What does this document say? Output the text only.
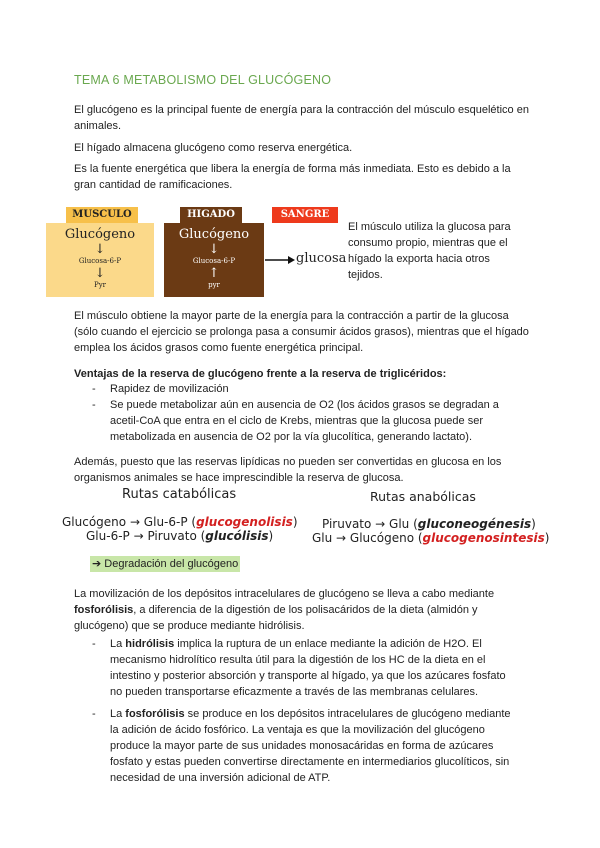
TEMA 6 METABOLISMO DEL GLUCÓGENO
El glucógeno es la principal fuente de energía para la contracción del músculo esquelético en animales.
El hígado almacena glucógeno como reserva energética.
Es la fuente energética que libera la energía de forma más inmediata. Esto es debido a la gran cantidad de ramificaciones.
MUSCULO	HIGADO	SANGRE
Glucógeno
↓
Glucosa-6-P
↓
Pyr
Glucógeno
↓
Glucosa-6-P
↑
pyr
glucosa
El músculo utiliza la glucosa para consumo propio, mientras que el hígado la exporta hacia otros tejidos.
El músculo obtiene la mayor parte de la energía para la contracción a partir de la glucosa (sólo cuando el ejercicio se prolonga pasa a consumir ácidos grasos), mientras que el hígado emplea los ácidos grasos como fuente energética principal.
Ventajas de la reserva de glucógeno frente a la reserva de triglicéridos:
- Rapidez de movilización
- Se puede metabolizar aún en ausencia de O2 (los ácidos grasos se degradan a acetil-CoA que entra en el ciclo de Krebs, mientras que la glucosa puede ser metabolizada en ausencia de O2 por la vía glucolítica, generando lactato).
Además, puesto que las reservas lipídicas no pueden ser convertidas en glucosa en los organismos animales se hace imprescindible la reserva de glucosa.
Rutas catabólicas	Rutas anabólicas
Glucógeno → Glu-6-P (glucogenolisis)
Glu-6-P → Piruvato (glucólisis)
Piruvato → Glu (gluconeogénesis)
Glu → Glucógeno (glucogenosintesis)
➔ Degradación del glucógeno
La movilización de los depósitos intracelulares de glucógeno se lleva a cabo mediante fosforólisis, a diferencia de la digestión de los polisacáridos de la dieta (almidón y glucógeno) que se produce mediante hidrólisis.
- La hidrólisis implica la ruptura de un enlace mediante la adición de H2O. El mecanismo hidrolítico resulta útil para la digestión de los HC de la dieta en el intestino y posterior absorción y transporte al hígado, ya que los azúcares fosfato no pueden transportarse eficazmente a través de las membranas celulares.
- La fosforólisis se produce en los depósitos intracelulares de glucógeno mediante la adición de ácido fosfórico. La ventaja es que la movilización del glucógeno produce la mayor parte de sus unidades monosacáridas en forma de azúcares fosfato y estas pueden convertirse directamente en intermediarios glucolíticos, sin necesidad de una inversión adicional de ATP.
